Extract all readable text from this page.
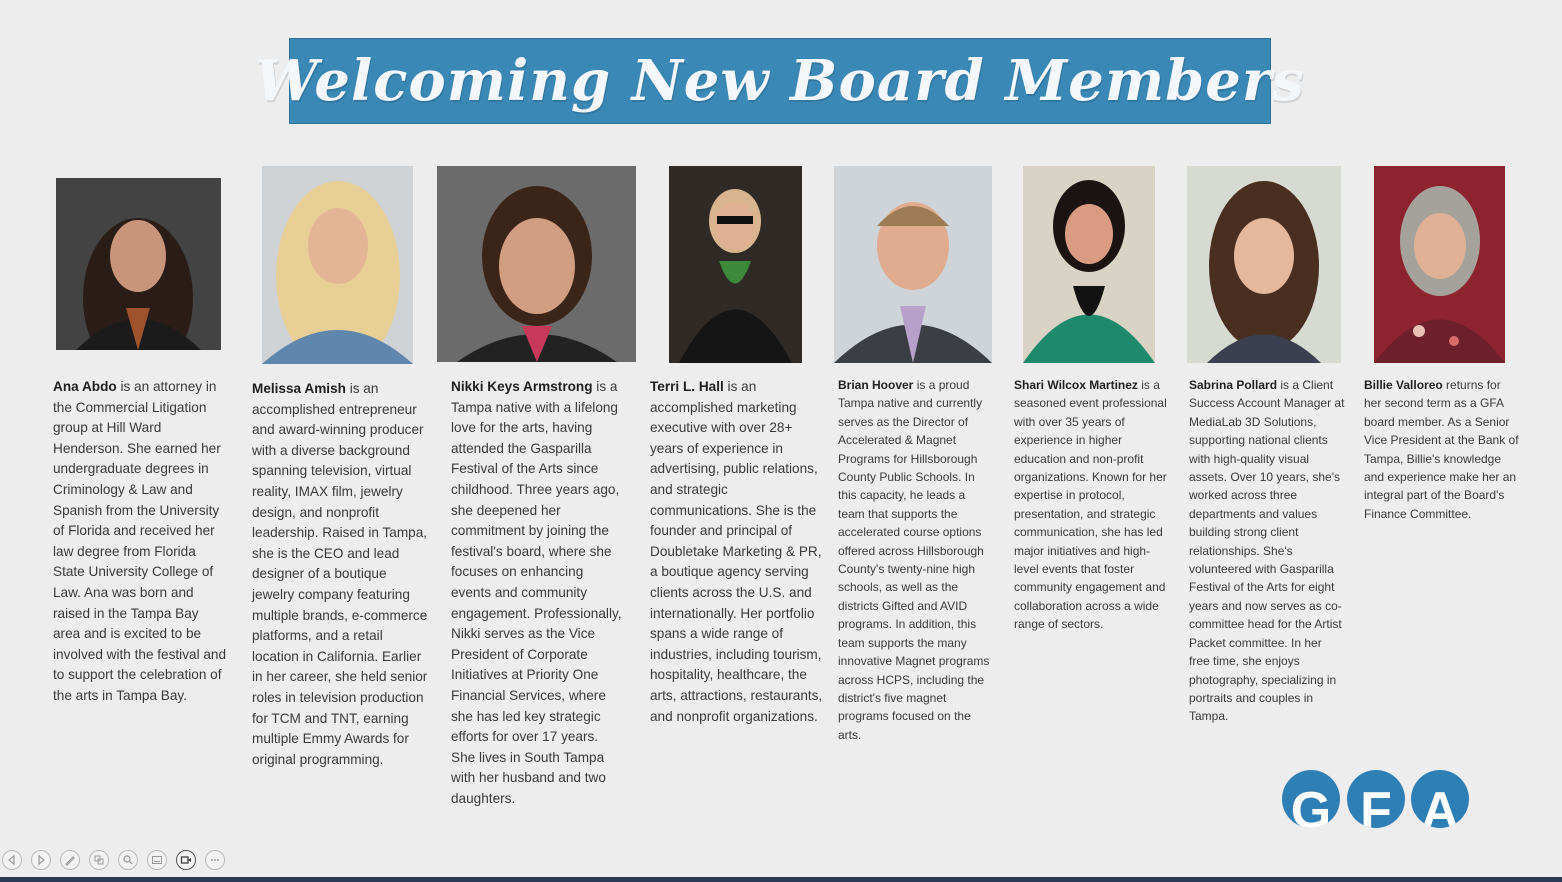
Welcoming New Board Members
Ana Abdo is an attorney in the Commercial Litigation group at Hill Ward Henderson. She earned her undergraduate degrees in Criminology & Law and Spanish from the University of Florida and received her law degree from Florida State University College of Law. Ana was born and raised in the Tampa Bay area and is excited to be involved with the festival and to support the celebration of the arts in Tampa Bay.
Melissa Amish is an accomplished entrepreneur and award-winning producer with a diverse background spanning television, virtual reality, IMAX film, jewelry design, and nonprofit leadership. Raised in Tampa, she is the CEO and lead designer of a boutique jewelry company featuring multiple brands, e-commerce platforms, and a retail location in California. Earlier in her career, she held senior roles in television production for TCM and TNT, earning multiple Emmy Awards for original programming.
Nikki Keys Armstrong is a Tampa native with a lifelong love for the arts, having attended the Gasparilla Festival of the Arts since childhood. Three years ago, she deepened her commitment by joining the festival's board, where she focuses on enhancing events and community engagement. Professionally, Nikki serves as the Vice President of Corporate Initiatives at Priority One Financial Services, where she has led key strategic efforts for over 17 years. She lives in South Tampa with her husband and two daughters.
Terri L. Hall is an accomplished marketing executive with over 28+ years of experience in advertising, public relations, and strategic communications. She is the founder and principal of Doubletake Marketing & PR, a boutique agency serving clients across the U.S. and internationally. Her portfolio spans a wide range of industries, including tourism, hospitality, healthcare, the arts, attractions, restaurants, and nonprofit organizations.
Brian Hoover is a proud Tampa native and currently serves as the Director of Accelerated & Magnet Programs for Hillsborough County Public Schools. In this capacity, he leads a team that supports the accelerated course options offered across Hillsborough County's twenty-nine high schools, as well as the districts Gifted and AVID programs. In addition, this team supports the many innovative Magnet programs across HCPS, including the district's five magnet programs focused on the arts.
Shari Wilcox Martinez is a seasoned event professional with over 35 years of experience in higher education and non-profit organizations. Known for her expertise in protocol, presentation, and strategic communication, she has led major initiatives and high-level events that foster community engagement and collaboration across a wide range of sectors.
Sabrina Pollard is a Client Success Account Manager at MediaLab 3D Solutions, supporting national clients with high-quality visual assets. Over 10 years, she's worked across three departments and values building strong client relationships. She's volunteered with Gasparilla Festival of the Arts for eight years and now serves as co-committee head for the Artist Packet committee. In her free time, she enjoys photography, specializing in portraits and couples in Tampa.
Billie Valloreo returns for her second term as a GFA board member. As a Senior Vice President at the Bank of Tampa, Billie's knowledge and experience make her an integral part of the Board's Finance Committee.
G F A
